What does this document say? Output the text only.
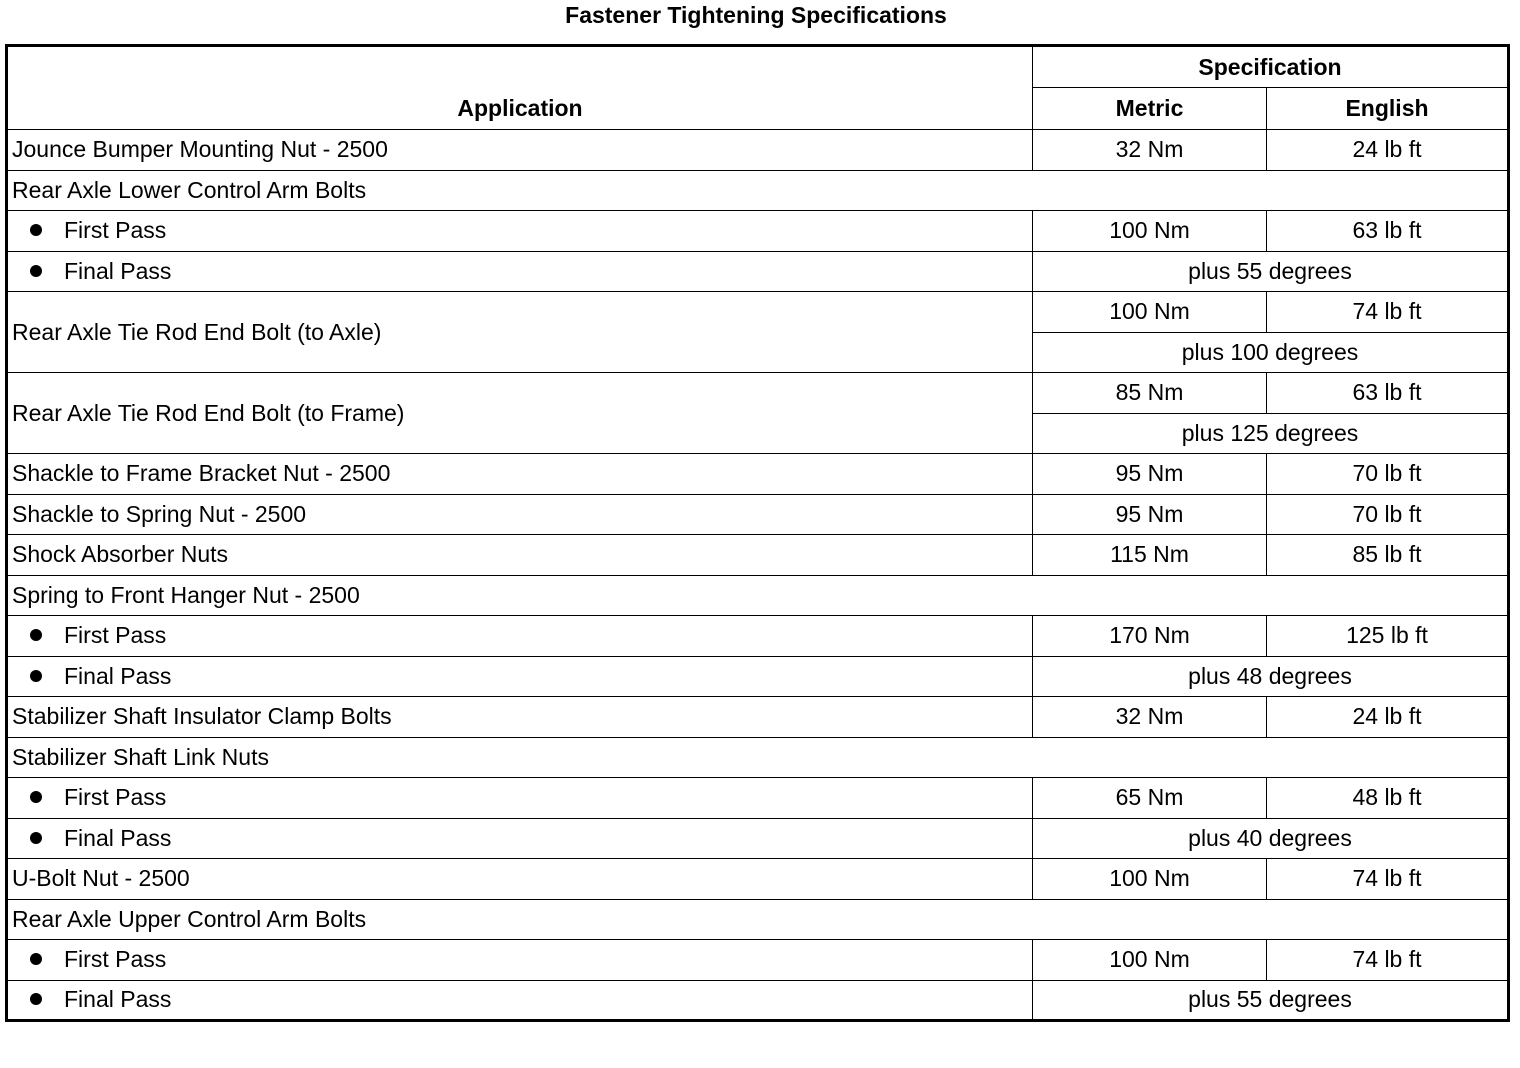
Fastener Tightening Specifications
Application	Specification	
	Metric	English
Jounce Bumper Mounting Nut - 2500	32 Nm	24 lb ft
Rear Axle Lower Control Arm Bolts		
First Pass	100 Nm	63 lb ft
Final Pass	plus 55 degrees	
Rear Axle Tie Rod End Bolt (to Axle)	100 Nm	74 lb ft
	plus 100 degrees	
Rear Axle Tie Rod End Bolt (to Frame)	85 Nm	63 lb ft
	plus 125 degrees	
Shackle to Frame Bracket Nut - 2500	95 Nm	70 lb ft
Shackle to Spring Nut - 2500	95 Nm	70 lb ft
Shock Absorber Nuts	115 Nm	85 lb ft
Spring to Front Hanger Nut - 2500		
First Pass	170 Nm	125 lb ft
Final Pass	plus 48 degrees	
Stabilizer Shaft Insulator Clamp Bolts	32 Nm	24 lb ft
Stabilizer Shaft Link Nuts		
First Pass	65 Nm	48 lb ft
Final Pass	plus 40 degrees	
U-Bolt Nut - 2500	100 Nm	74 lb ft
Rear Axle Upper Control Arm Bolts		
First Pass	100 Nm	74 lb ft
Final Pass	plus 55 degrees	
